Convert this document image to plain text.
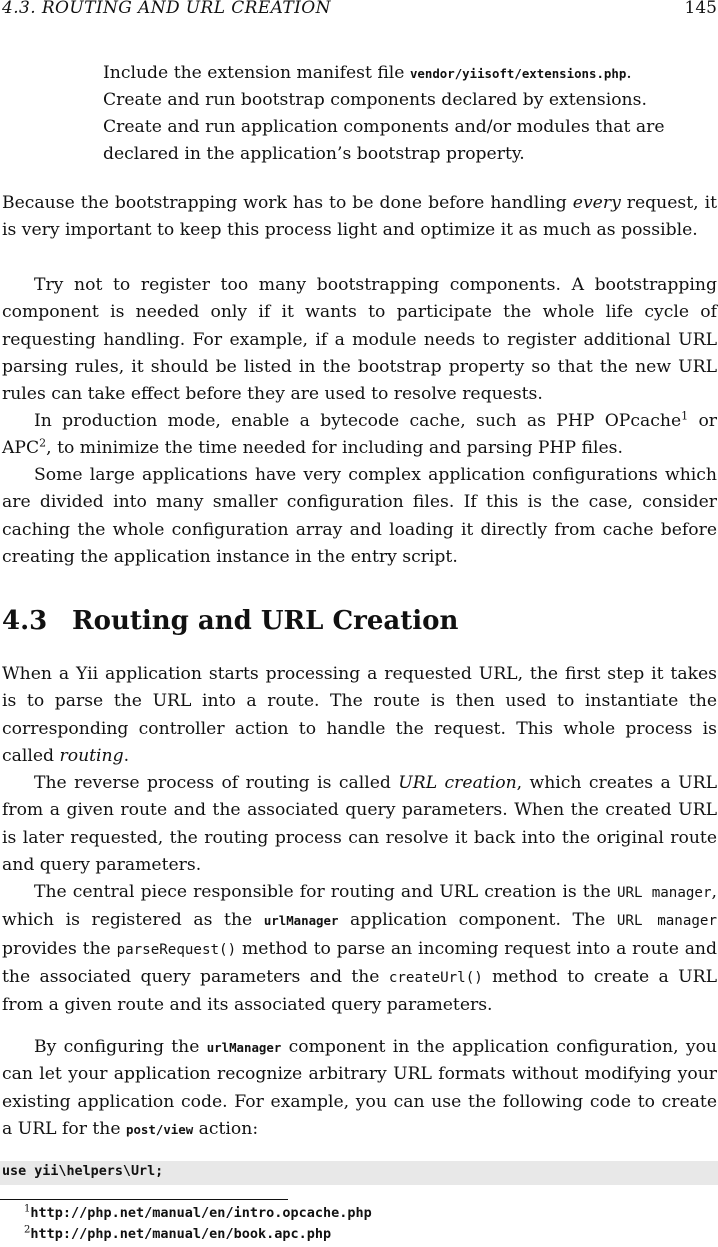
4.3. ROUTING AND URL CREATION	145
Include the extension manifest file vendor/yiisoft/extensions.php.
Create and run bootstrap components declared by extensions.
Create and run application components and/or modules that are
declared in the application’s bootstrap property.
Because the bootstrapping work has to be done before handling every request, it is very important to keep this process light and optimize it as much as possible.
Try not to register too many bootstrapping components. A bootstrapping component is needed only if it wants to participate the whole life cycle of requesting handling. For example, if a module needs to register additional URL parsing rules, it should be listed in the bootstrap property so that the new URL rules can take effect before they are used to resolve requests.
In production mode, enable a bytecode cache, such as PHP OPcache$^1$ or APC$^2$, to minimize the time needed for including and parsing PHP files.
Some large applications have very complex application configurations which are divided into many smaller configuration files. If this is the case, consider caching the whole configuration array and loading it directly from cache before creating the application instance in the entry script.
4.3 Routing and URL Creation
When a Yii application starts processing a requested URL, the first step it takes is to parse the URL into a route. The route is then used to instantiate the corresponding controller action to handle the request. This whole process is called routing.
The reverse process of routing is called URL creation, which creates a URL from a given route and the associated query parameters. When the created URL is later requested, the routing process can resolve it back into the original route and query parameters.
The central piece responsible for routing and URL creation is the URL manager, which is registered as the urlManager application component. The URL manager provides the parseRequest() method to parse an incoming request into a route and the associated query parameters and the createUrl() method to create a URL from a given route and its associated query parameters.
By configuring the urlManager component in the application configuration, you can let your application recognize arbitrary URL formats without modifying your existing application code. For example, you can use the following code to create a URL for the post/view action:
use yii\helpers\Url;
$^1$http://php.net/manual/en/intro.opcache.php
$^2$http://php.net/manual/en/book.apc.php
